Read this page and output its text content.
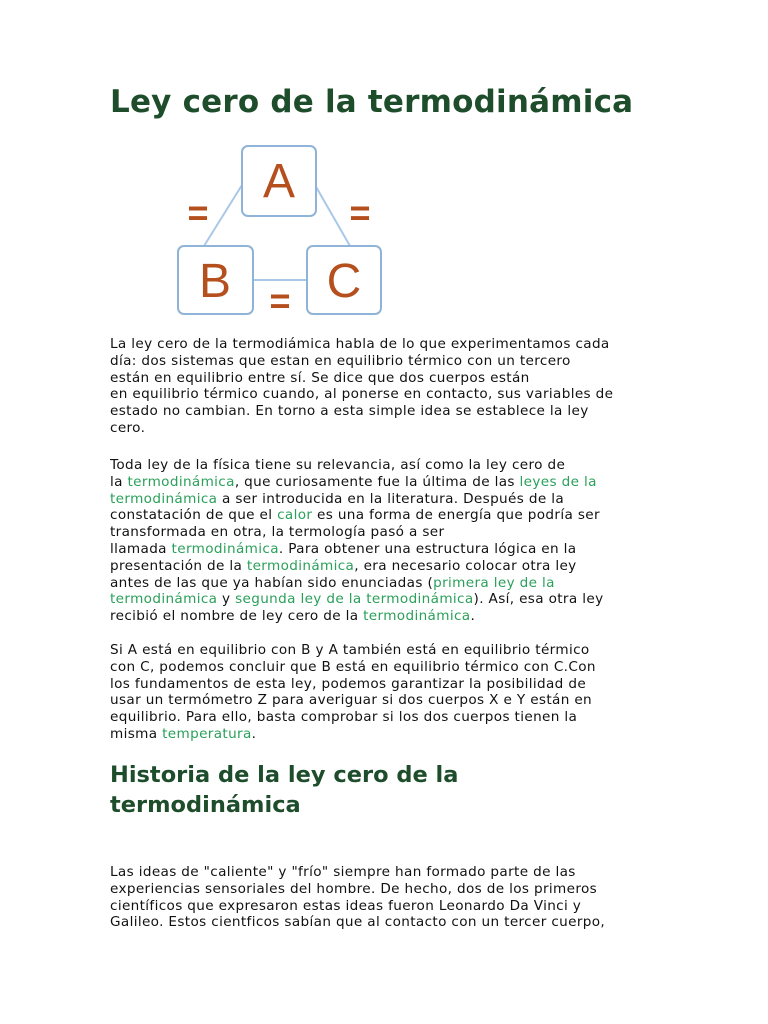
Ley cero de la termodinámica
A
B C
=	=
=

La ley cero de la termodiámica habla de lo que experimentamos cada
día: dos sistemas que estan en equilibrio térmico con un tercero
están en equilibrio entre sí. Se dice que dos cuerpos están
en equilibrio térmico cuando, al ponerse en contacto, sus variables de
estado no cambian. En torno a esta simple idea se establece la ley
cero.

Toda ley de la física tiene su relevancia, así como la ley cero de
la termodinámica, que curiosamente fue la última de las leyes de la
termodinámica a ser introducida en la literatura. Después de la
constatación de que el calor es una forma de energía que podría ser
transformada en otra, la termología pasó a ser
llamada termodinámica. Para obtener una estructura lógica en la
presentación de la termodinámica, era necesario colocar otra ley
antes de las que ya habían sido enunciadas (primera ley de la
termodinámica y segunda ley de la termodinámica). Así, esa otra ley
recibió el nombre de ley cero de la termodinámica.

Si A está en equilibrio con B y A también está en equilibrio térmico
con C, podemos concluir que B está en equilibrio térmico con C.Con
los fundamentos de esta ley, podemos garantizar la posibilidad de
usar un termómetro Z para averiguar si dos cuerpos X e Y están en
equilibrio. Para ello, basta comprobar si los dos cuerpos tienen la
misma temperatura.

Historia de la ley cero de la
termodinámica

Las ideas de "caliente" y "frío" siempre han formado parte de las
experiencias sensoriales del hombre. De hecho, dos de los primeros
científicos que expresaron estas ideas fueron Leonardo Da Vinci y
Galileo. Estos cientficos sabían que al contacto con un tercer cuerpo,
